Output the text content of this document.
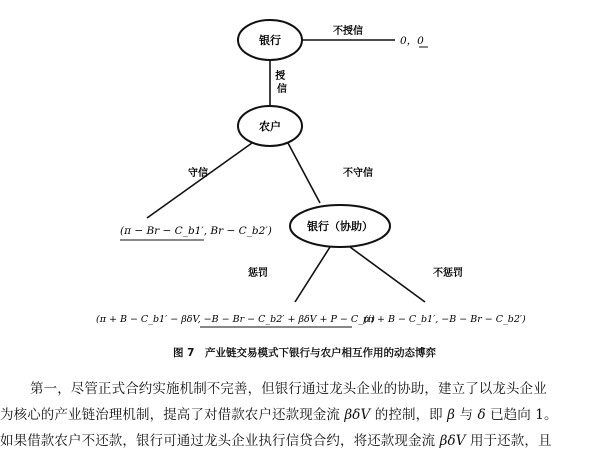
银行
不授信
0，0
授 信
农户
守信	不守信
(π − Br − C_b1′, Br − C_b2′)	银行（协助）
惩罚	不惩罚
(π + B − C_b1′ − βδV, −B − Br − C_b2′ + βδV + P − C_p′)
(π + B − C_b1′, −B − Br − C_b2′)
图 7　产业链交易模式下银行与农户相互作用的动态博弈
第一，尽管正式合约实施机制不完善，但银行通过龙头企业的协助，建立了以龙头企业
为核心的产业链治理机制，提高了对借款农户还款现金流 βδV 的控制，即 β 与 δ 已趋向 1。
如果借款农户不还款，银行可通过龙头企业执行信贷合约，将还款现金流 βδV 用于还款，且
